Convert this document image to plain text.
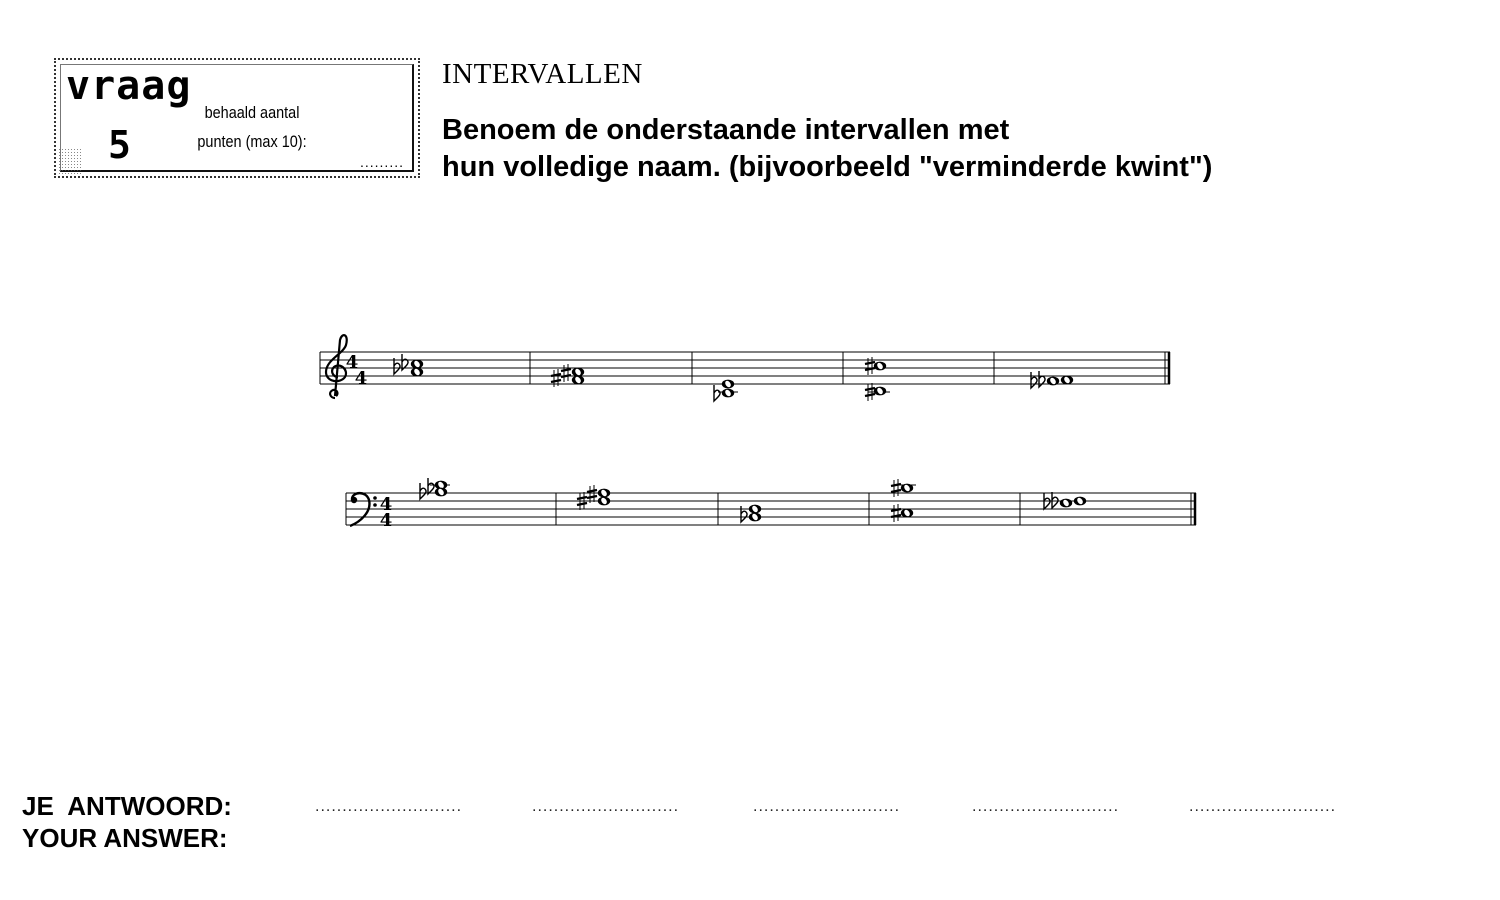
vraag
5
behaald aantal
punten (max 10):
.........
INTERVALLEN
Benoem de onderstaande intervallen met
hun volledige naam. (bijvoorbeeld "verminderde kwint")
4
4
4
4
JE  ANTWOORD:
YOUR ANSWER:
...........................	...........................	...........................	...........................	...........................
